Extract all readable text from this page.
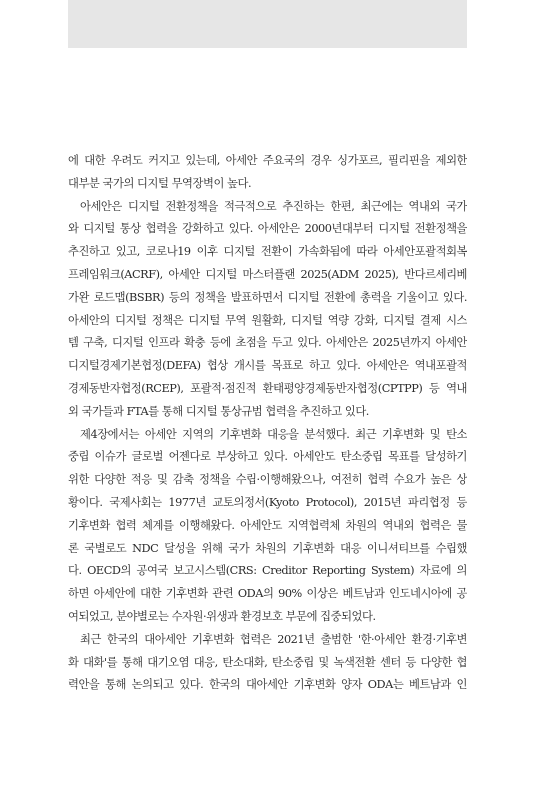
에 대한 우려도 커지고 있는데, 아세안 주요국의 경우 싱가포르, 필리핀을 제외한
대부분 국가의 디지털 무역장벽이 높다.
아세안은 디지털 전환정책을 적극적으로 추진하는 한편, 최근에는 역내외 국가
와 디지털 통상 협력을 강화하고 있다. 아세안은 2000년대부터 디지털 전환정책을
추진하고 있고, 코로나19 이후 디지털 전환이 가속화됨에 따라 아세안포괄적회복
프레임워크(ACRF), 아세안 디지털 마스터플랜 2025(ADM 2025), 반다르세리베
가완 로드맵(BSBR) 등의 정책을 발표하면서 디지털 전환에 총력을 기울이고 있다.
아세안의 디지털 정책은 디지털 무역 원활화, 디지털 역량 강화, 디지털 결제 시스
템 구축, 디지털 인프라 확충 등에 초점을 두고 있다. 아세안은 2025년까지 아세안
디지털경제기본협정(DEFA) 협상 개시를 목표로 하고 있다. 아세안은 역내포괄적
경제동반자협정(RCEP), 포괄적·점진적 환태평양경제동반자협정(CPTPP) 등 역내
외 국가들과 FTA를 통해 디지털 통상규범 협력을 추진하고 있다.
제4장에서는 아세안 지역의 기후변화 대응을 분석했다. 최근 기후변화 및 탄소
중립 이슈가 글로벌 어젠다로 부상하고 있다. 아세안도 탄소중립 목표를 달성하기
위한 다양한 적응 및 감축 정책을 수립·이행해왔으나, 여전히 협력 수요가 높은 상
황이다. 국제사회는 1977년 교토의정서(Kyoto Protocol), 2015년 파리협정 등
기후변화 협력 체계를 이행해왔다. 아세안도 지역협력체 차원의 역내외 협력은 물
론 국별로도 NDC 달성을 위해 국가 차원의 기후변화 대응 이니셔티브를 수립했
다. OECD의 공여국 보고시스템(CRS: Creditor Reporting System) 자료에 의
하면 아세안에 대한 기후변화 관련 ODA의 90% 이상은 베트남과 인도네시아에 공
여되었고, 분야별로는 수자원·위생과 환경보호 부문에 집중되었다.
최근 한국의 대아세안 기후변화 협력은 2021년 출범한 '한·아세안 환경·기후변
화 대화'를 통해 대기오염 대응, 탄소대화, 탄소중립 및 녹색전환 센터 등 다양한 협
력안을 통해 논의되고 있다. 한국의 대아세안 기후변화 양자 ODA는 베트남과 인
